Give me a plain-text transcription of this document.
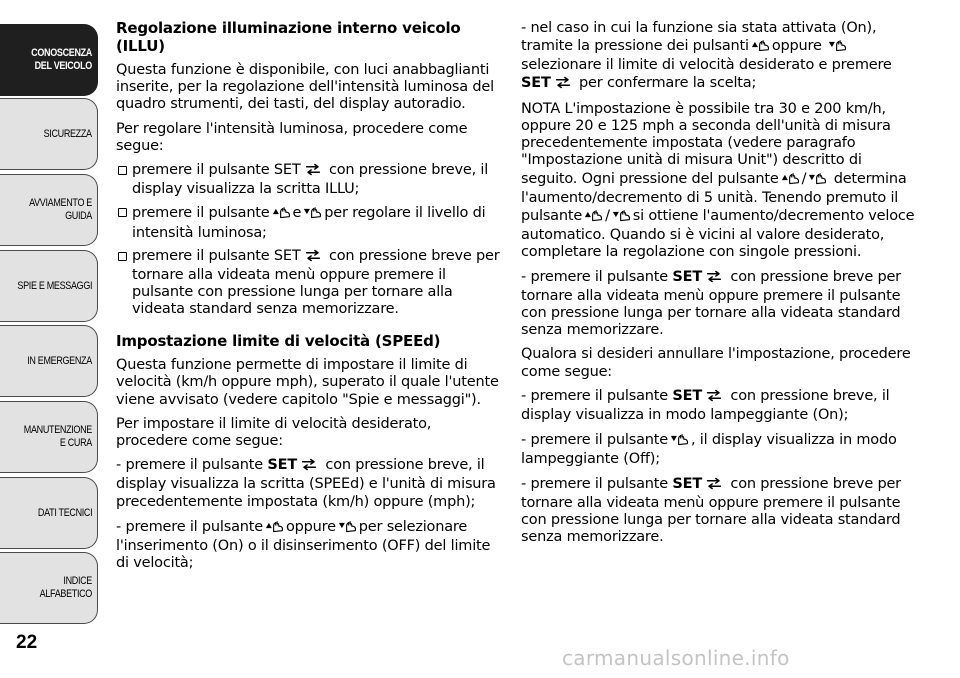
CONOSCENZA DEL VEICOLO
SICUREZZA
AVVIAMENTO E GUIDA
SPIE E MESSAGGI
IN EMERGENZA
MANUTENZIONE E CURA
DATI TECNICI
INDICE ALFABETICO
22
Regolazione illuminazione interno veicolo (ILLU)

Questa funzione è disponibile, con luci anabbaglianti inserite, per la regolazione dell'intensità luminosa del quadro strumenti, dei tasti, del display autoradio.

Per regolare l'intensità luminosa, procedere come segue:

premere il pulsante SET con pressione breve, il display visualizza la scritta ILLU;
premere il pulsante e per regolare il livello di intensità luminosa;
premere il pulsante SET con pressione breve per tornare alla videata menù oppure premere il pulsante con pressione lunga per tornare alla videata standard senza memorizzare.
Impostazione limite di velocità (SPEEd)

Questa funzione permette di impostare il limite di velocità (km/h oppure mph), superato il quale l'utente viene avvisato (vedere capitolo "Spie e messaggi").

Per impostare il limite di velocità desiderato, procedere come segue:

- premere il pulsante SET con pressione breve, il display visualizza la scritta (SPEEd) e l'unità di misura precedentemente impostata (km/h) oppure (mph);

- premere il pulsante oppure per selezionare l'inserimento (On) o il disinserimento (OFF) del limite di velocità;

- nel caso in cui la funzione sia stata attivata (On), tramite la pressione dei pulsanti oppure selezionare il limite di velocità desiderato e premere SET per confermare la scelta;

NOTA L'impostazione è possibile tra 30 e 200 km/h, oppure 20 e 125 mph a seconda dell'unità di misura precedentemente impostata (vedere paragrafo "Impostazione unità di misura Unit") descritto di seguito. Ogni pressione del pulsante / determina l'aumento/decremento di 5 unità. Tenendo premuto il pulsante / si ottiene l'aumento/decremento veloce automatico. Quando si è vicini al valore desiderato, completare la regolazione con singole pressioni.

- premere il pulsante SET con pressione breve per tornare alla videata menù oppure premere il pulsante con pressione lunga per tornare alla videata standard senza memorizzare.

Qualora si desideri annullare l'impostazione, procedere come segue:

- premere il pulsante SET con pressione breve, il display visualizza in modo lampeggiante (On);

- premere il pulsante , il display visualizza in modo lampeggiante (Off);

- premere il pulsante SET con pressione breve per tornare alla videata menù oppure premere il pulsante con pressione lunga per tornare alla videata standard senza memorizzare.

carmanualsonline.info
